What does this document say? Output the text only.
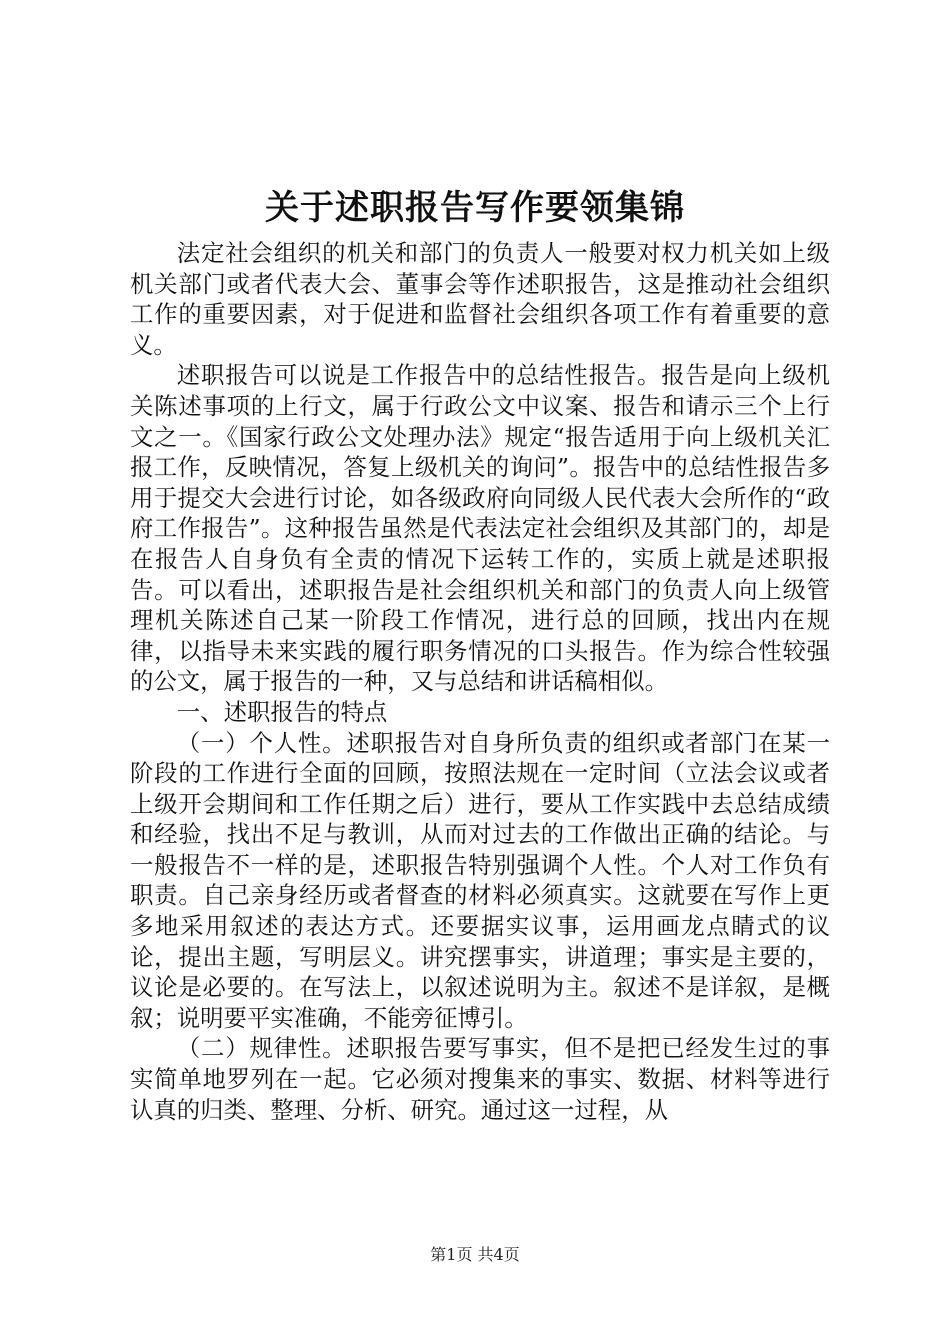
关于述职报告写作要领集锦

法定社会组织的机关和部门的负责人一般要对权力机关如上级机关部门或者代表大会、董事会等作述职报告，这是推动社会组织工作的重要因素，对于促进和监督社会组织各项工作有着重要的意义。

述职报告可以说是工作报告中的总结性报告。报告是向上级机关陈述事项的上行文，属于行政公文中议案、报告和请示三个上行文之一。《国家行政公文处理办法》规定“报告适用于向上级机关汇报工作，反映情况，答复上级机关的询问”。报告中的总结性报告多用于提交大会进行讨论，如各级政府向同级人民代表大会所作的“政府工作报告”。这种报告虽然是代表法定社会组织及其部门的，却是在报告人自身负有全责的情况下运转工作的，实质上就是述职报告。可以看出，述职报告是社会组织机关和部门的负责人向上级管理机关陈述自己某一阶段工作情况，进行总的回顾，找出内在规律，以指导未来实践的履行职务情况的口头报告。作为综合性较强的公文，属于报告的一种，又与总结和讲话稿相似。

一、述职报告的特点

（一）个人性。述职报告对自身所负责的组织或者部门在某一阶段的工作进行全面的回顾，按照法规在一定时间（立法会议或者上级开会期间和工作任期之后）进行，要从工作实践中去总结成绩和经验，找出不足与教训，从而对过去的工作做出正确的结论。与一般报告不一样的是，述职报告特别强调个人性。个人对工作负有职责。自己亲身经历或者督查的材料必须真实。这就要在写作上更多地采用叙述的表达方式。还要据实议事，运用画龙点睛式的议论，提出主题，写明层义。讲究摆事实，讲道理；事实是主要的，议论是必要的。在写法上，以叙述说明为主。叙述不是详叙，是概叙；说明要平实准确，不能旁征博引。

（二）规律性。述职报告要写事实，但不是把已经发生过的事实简单地罗列在一起。它必须对搜集来的事实、数据、材料等进行认真的归类、整理、分析、研究。通过这一过程，从

第1页 共4页
